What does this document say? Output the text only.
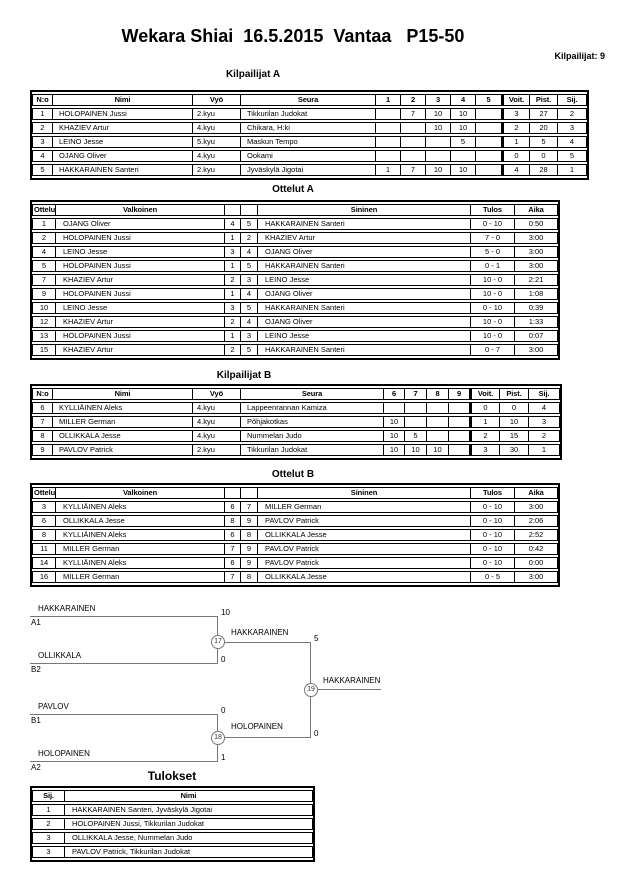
Wekara Shiai  16.5.2015  Vantaa   P15-50
Kilpailijat: 9
Kilpailijat A
N:o	Nimi	Vyö	Seura	1	2	3	4	5	Voit.	Pist.	Sij.
1	HOLOPAINEN Jussi	2.kyu	Tikkurilan Judokat		7	10	10		3	27	2
2	KHAZIEV Artur	4.kyu	Chikara, H:ki			10	10		2	20	3
3	LEINO Jesse	5.kyu	Maskun Tempo				5		1	5	4
4	OJANG Oliver	4.kyu	Ookami						0	0	5
5	HAKKARAINEN Santeri	2.kyu	Jyväskylä Jigotai	1	7	10	10		4	28	1
Ottelut A
Ottelu	Valkoinen			Sininen	Tulos	Aika
1	OJANG Oliver	4	5	HAKKARAINEN Santeri	0 - 10	0:50
2	HOLOPAINEN Jussi	1	2	KHAZIEV Artur	7 - 0	3:00
4	LEINO Jesse	3	4	OJANG Oliver	5 - 0	3:00
5	HOLOPAINEN Jussi	1	5	HAKKARAINEN Santeri	0 - 1	3:00
7	KHAZIEV Artur	2	3	LEINO Jesse	10 - 0	2:21
9	HOLOPAINEN Jussi	1	4	OJANG Oliver	10 - 0	1:08
10	LEINO Jesse	3	5	HAKKARAINEN Santeri	0 - 10	0:39
12	KHAZIEV Artur	2	4	OJANG Oliver	10 - 0	1:33
13	HOLOPAINEN Jussi	1	3	LEINO Jesse	10 - 0	0:07
15	KHAZIEV Artur	2	5	HAKKARAINEN Santeri	0 - 7	3:00
Kilpailijat B
N:o	Nimi	Vyö	Seura	6	7	8	9	Voit.	Pist.	Sij.
6	KYLLIÄINEN Aleks	4.kyu	Lappeenrannan Kamiza					0	0	4
7	MILLER German	4.kyu	Põhjakotkas	10				1	10	3
8	OLLIKKALA Jesse	4.kyu	Nummelan Judo	10	5			2	15	2
9	PAVLOV Patrick	2.kyu	Tikkurilan Judokat	10	10	10		3	30	1
Ottelut B
Ottelu	Valkoinen			Sininen	Tulos	Aika
3	KYLLIÄINEN Aleks	6	7	MILLER German	0 - 10	3:00
6	OLLIKKALA Jesse	8	9	PAVLOV Patrick	0 - 10	2:06
8	KYLLIÄINEN Aleks	6	8	OLLIKKALA Jesse	0 - 10	2:52
11	MILLER German	7	9	PAVLOV Patrick	0 - 10	0:42
14	KYLLIÄINEN Aleks	6	9	PAVLOV Patrick	0 - 10	0:00
16	MILLER German	7	8	OLLIKKALA Jesse	0 - 5	3:00
HAKKARAINEN
A1
10
OLLIKKALA
B2
0
PAVLOV
B1
0
HOLOPAINEN
A2
1
HAKKARAINEN
5
HOLOPAINEN
0
HAKKARAINEN
17
18
19
Tulokset
Sij.	Nimi
1	HAKKARAINEN Santeri, Jyväskylä Jigotai
2	HOLOPAINEN Jussi, Tikkurilan Judokat
3	OLLIKKALA Jesse, Nummelan Judo
3	PAVLOV Patrick, Tikkurilan Judokat
